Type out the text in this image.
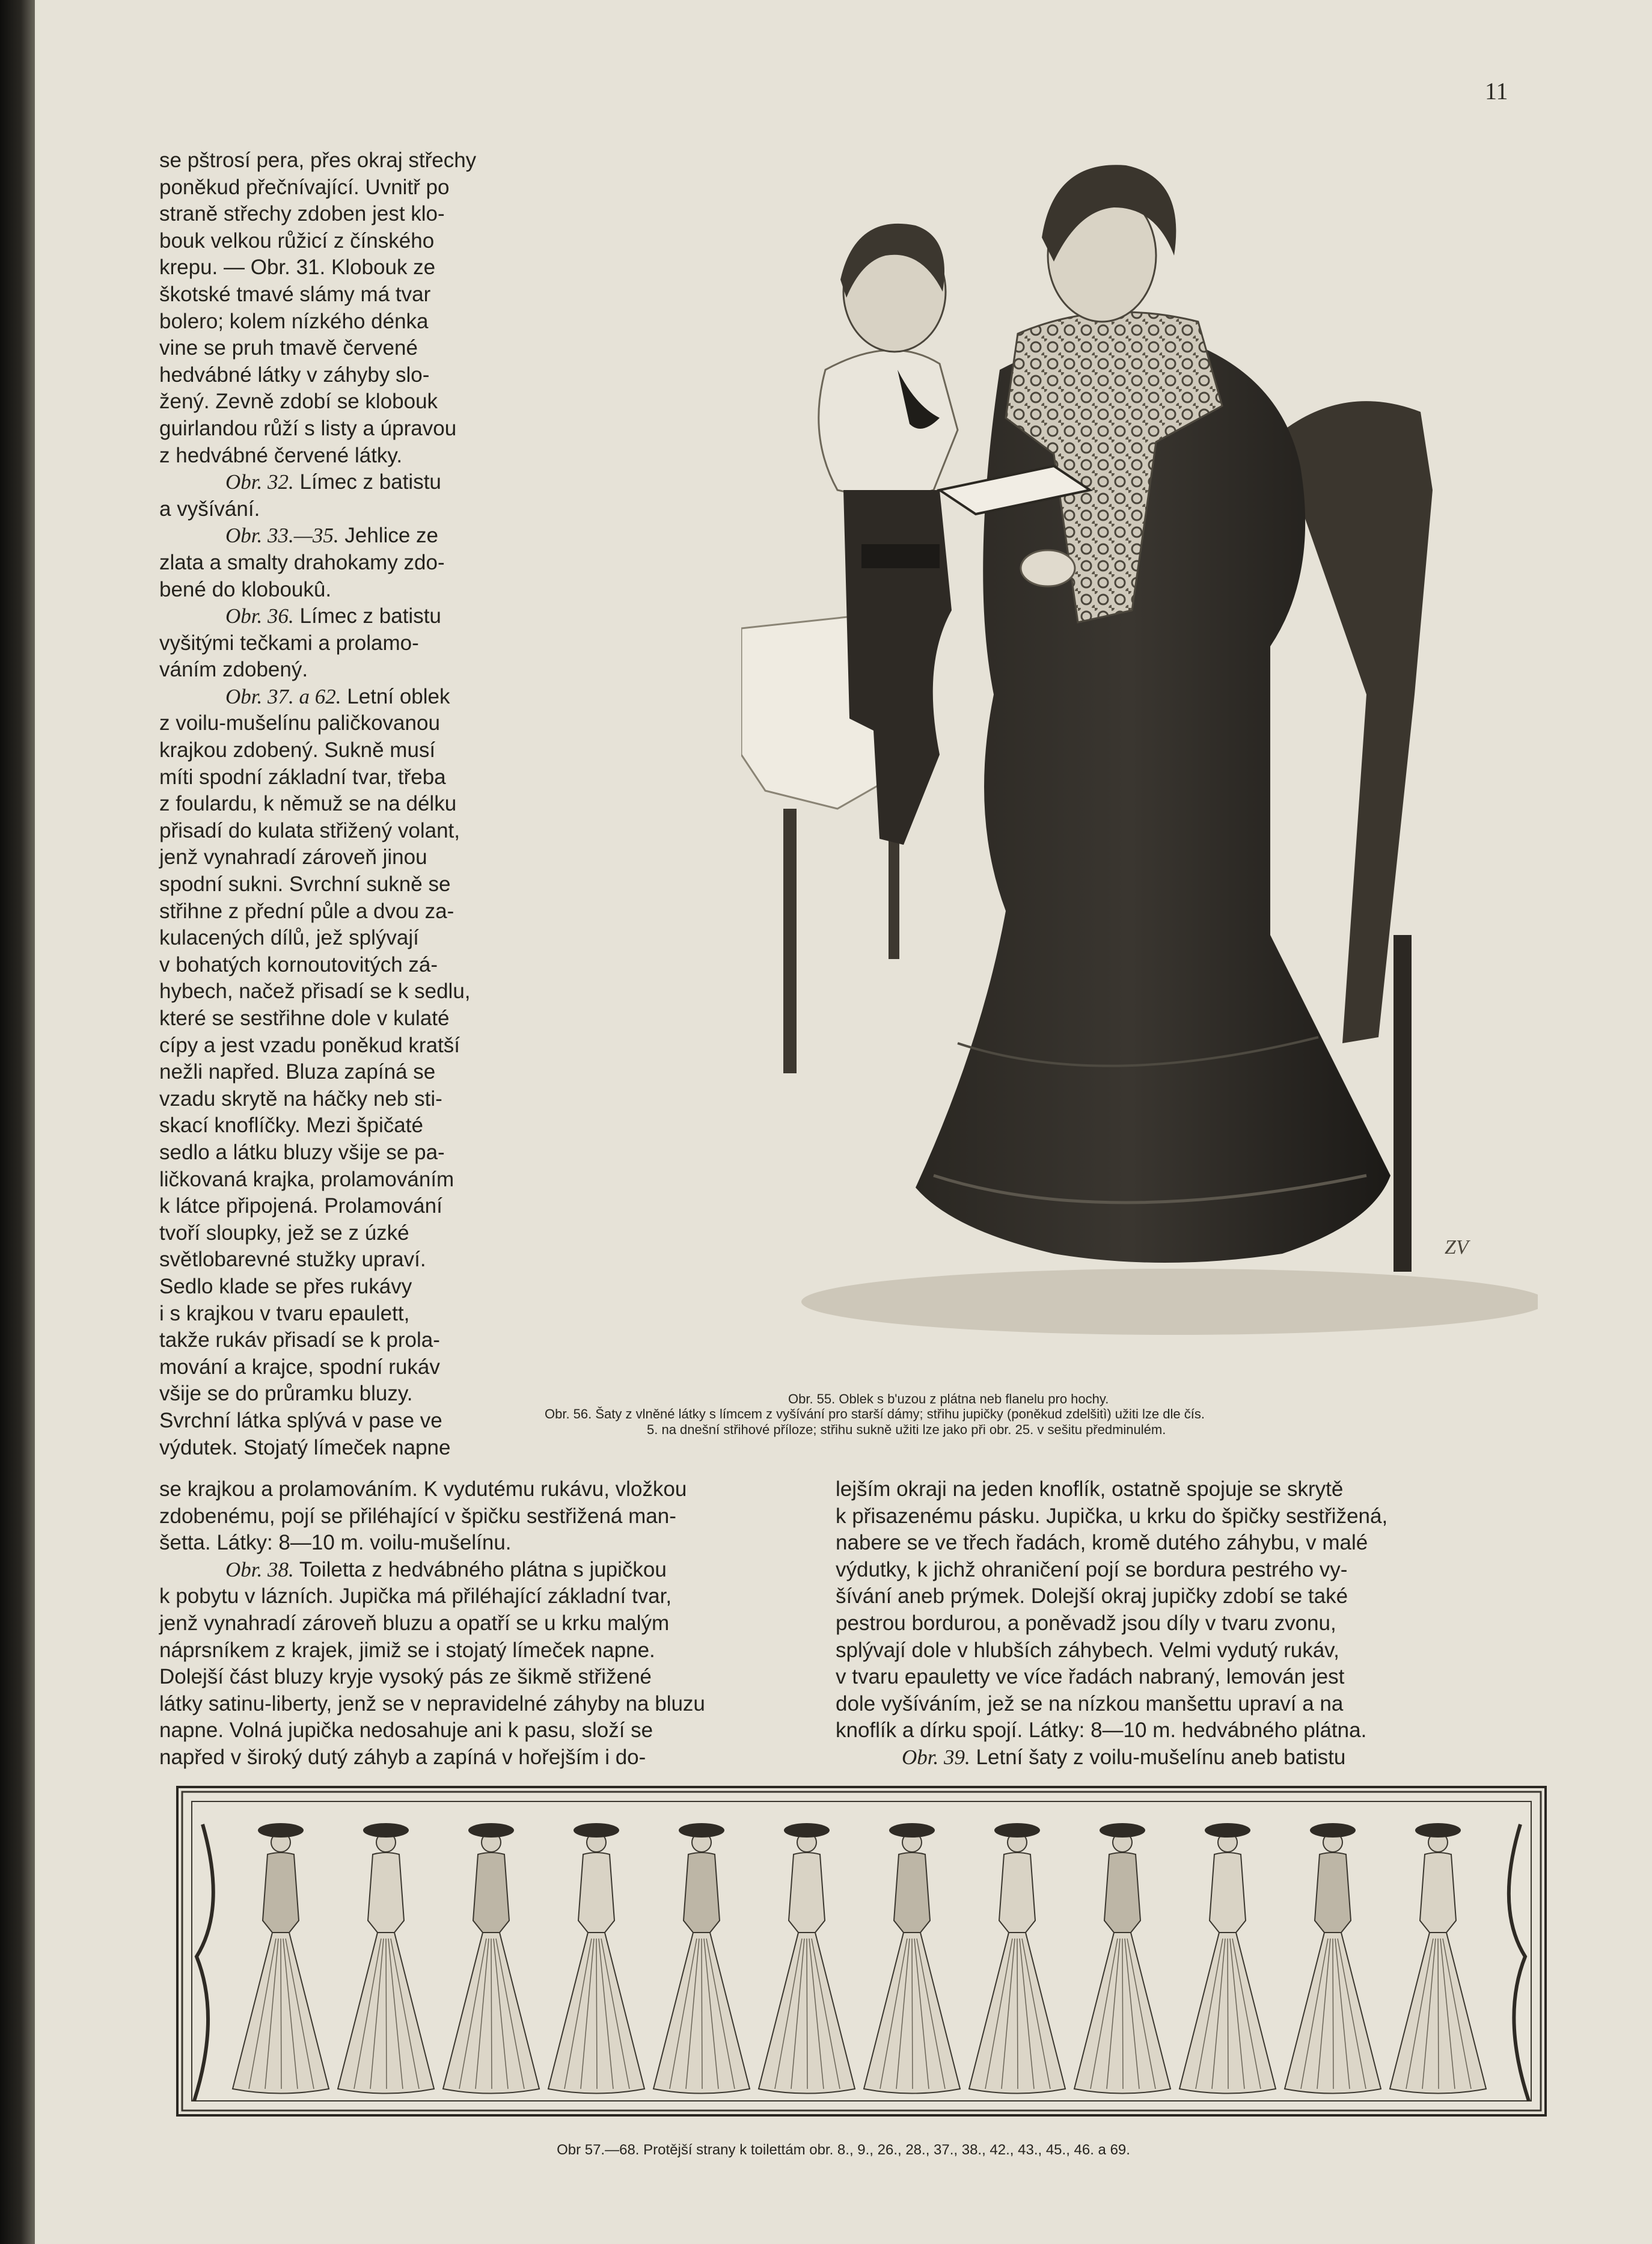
11
se pštrosí pera, přes okraj střechy
poněkud přečnívající. Uvnitř po
straně střechy zdoben jest klo-
bouk velkou růžicí z čínského
krepu. — Obr. 31. Klobouk ze
škotské tmavé slámy má tvar
bolero; kolem nízkého dénka
vine se pruh tmavě červené
hedvábné látky v záhyby slo-
žený. Zevně zdobí se klobouk
guirlandou růží s listy a úpravou
z hedvábné červené látky.

Obr. 32. Límec z batistu
a vyšívání.

Obr. 33.—35. Jehlice ze
zlata a smalty drahokamy zdo-
bené do kloboukû.

Obr. 36. Límec z batistu
vyšitými tečkami a prolamo-
váním zdobený.

Obr. 37. a 62. Letní oblek

z voilu-mušelínu paličkovanou
krajkou zdobený. Sukně musí
míti spodní základní tvar, třeba
z foulardu, k němuž se na délku
přisadí do kulata střižený volant,
jenž vynahradí zároveň jinou
spodní sukni. Svrchní sukně se
střihne z přední půle a dvou za-
kulacených dílů, jež splývají
v bohatých kornoutovitých zá-
hybech, načež přisadí se k sedlu,
které se sestřihne dole v kulaté
cípy a jest vzadu poněkud kratší
nežli napřed. Bluza zapíná se
vzadu skrytě na háčky neb sti-
skací knoflíčky. Mezi špičaté
sedlo a látku bluzy všije se pa-
ličkovaná krajka, prolamováním
k látce připojená. Prolamování
tvoří sloupky, jež se z úzké
světlobarevné stužky upraví.
Sedlo klade se přes rukávy
i s krajkou v tvaru epaulett,
takže rukáv přisadí se k prola-
mování a krajce, spodní rukáv
všije se do průramku bluzy.
Svrchní látka splývá v pase ve
výdutek. Stojatý límeček napne
se krajkou a prolamováním. K vydutému rukávu, vložkou
zdobenému, pojí se přiléhající v špičku sestřižená man-
šetta. Látky: 8—10 m. voilu-mušelínu.

Obr. 38. Toiletta z hedvábného plátna s jupičkou

k pobytu v lázních. Jupička má přiléhající základní tvar,
jenž vynahradí zároveň bluzu a opatří se u krku malým
náprsníkem z krajek, jimiž se i stojatý límeček napne.
Dolejší část bluzy kryje vysoký pás ze šikmě střižené
látky satinu-liberty, jenž se v nepravidelné záhyby na bluzu
napne. Volná jupička nedosahuje ani k pasu, složí se
napřed v široký dutý záhyb a zapíná v hořejším i do-
lejším okraji na jeden knoflík, ostatně spojuje se skrytě
k přisazenému pásku. Jupička, u krku do špičky sestřižená,
nabere se ve třech řadách, kromě dutého záhybu, v malé
výdutky, k jichž ohraničení pojí se bordura pestrého vy-
šívání aneb prýmek. Dolejší okraj jupičky zdobí se také
pestrou bordurou, a poněvadž jsou díly v tvaru zvonu,
splývají dole v hlubších záhybech. Velmi vydutý rukáv,
v tvaru epauletty ve více řadách nabraný, lemován jest
dole vyšíváním, jež se na nízkou manšettu upraví a na
knoflík a dírku spojí. Látky: 8—10 m. hedvábného plátna.

Obr. 39. Letní šaty z voilu-mušelínu aneb batistu

ZV
Obr. 55. Oblek s b'uzou z plátna neb flanelu pro hochy.
Obr. 56. Šaty z vlněné látky s límcem z vyšívání pro starší dámy; střihu jupičky (poněkud zdelšitì) užiti lze dle čís.
5. na dnešní střihové příloze; střihu sukně užiti lze jako při obr. 25. v sešitu předminulém.
Obr 57.—68. Protější strany k toilettám obr. 8., 9., 26., 28., 37., 38., 42., 43., 45., 46. a 69.
